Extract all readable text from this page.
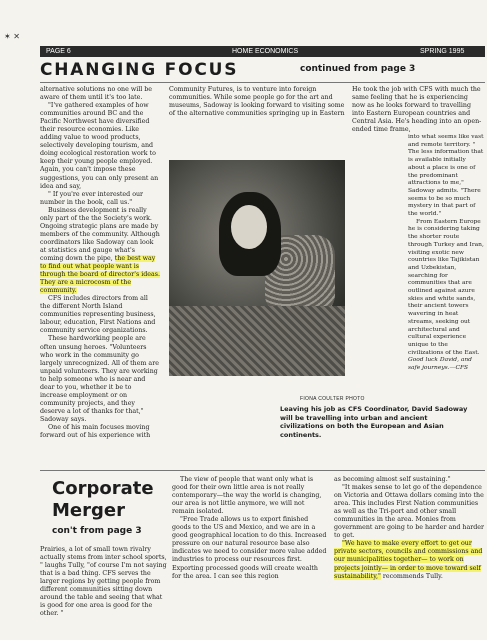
✶ ✕
PAGE 6	HOME ECONOMICS	SPRING 1995
CHANGING FOCUS	continued from page 3

alternative solutions no one will be aware of them until it's too late.

"I've gathered examples of how communities around BC and the Pacific Northwest have diversified their resource economies. Like adding value to wood products, selectively developing tourism, and doing ecological restoration work to keep their young people employed. Again, you can't impose these suggestions, you can only present an idea and say,

" If you're ever interested our number in the book, call us."

Business development is really only part of the the Society's work. Ongoing strategic plans are made by members of the community. Although coordinators like Sadoway can look at statistics and gauge what's coming down the pipe, the best way to find out what people want is through the board of director's ideas. They are a microcosm of the community.

CFS includes directors from all the different North Island communities representing business, labour, education, First Nations and community service organizations.

These hardworking people are often unsung heroes. "Volunteers who work in the community go largely unrecognized. All of them are unpaid volunteers. They are working to help someone who is near and dear to you, whether it be to increase employment or on community projects, and they deserve a lot of thanks for that," Sadoway says.

One of his main focuses moving forward out of his experience with

Community Futures, is to venture into foreign communities. While some people go for the art and museums, Sadoway is looking forward to visiting some of the alternative communities springing up in Eastern

FIONA COULTER PHOTO
Leaving his job as CFS Coordinator, David Sadoway will be travelling into urban and ancient civilizations on both the European and Asian continents.

He took the job with CFS with much the same feeling that he is experiencing now as he looks forward to travelling into Eastern European countries and Central Asia. He's heading into an open-ended time frame,

into what seems like vast and remote territory. " The less information that is available initially about a place is one of the predominant attractions to me," Sadoway admits. "There seems to be so much mystery in that part of the world."

From Eastern Europe he is considering taking the shorter route through Turkey and Iran, visiting exotic new countries like Tajikistan and Uzbekistan, searching for communities that are outlined against azure skies and white sands, their ancient towers wavering in heat streams, seeking out architectural and cultural experience unique to the civilizations of the East.

Good luck David, and safe journeys.—CFS

Corporate
Merger
con't from page 3

Prairies, a lot of small town rivalry actually stems from inter school sports, " laughs Tully, "of course I'm not saying that is a bad thing. CFS serves the larger regions by getting people from different communities sitting down around the table and seeing that what is good for one area is good for the other. "

The view of people that want only what is good for their own little area is not really contemporary—the way the world is changing, our area is not little anymore, we will not remain isolated.

"Free Trade allows us to export finished goods to the US and Mexico, and we are in a good geographical location to do this. Increased pressure on our natural resource base also indicates we need to consider more value added industries to process our resources first. Exporting processed goods will create wealth for the area. I can see this region

as becoming almost self sustaining."

"It makes sense to let go of the dependence on Victoria and Ottawa dollars coming into the area. This includes First Nation communities as well as the Tri-port and other small communities in the area. Monies from government are going to be harder and harder to get.

"We have to make every effort to get our private sectors, councils and commissions and our municipalities together— to work on projects jointly— in order to move toward self sustainability," recommends Tully.
